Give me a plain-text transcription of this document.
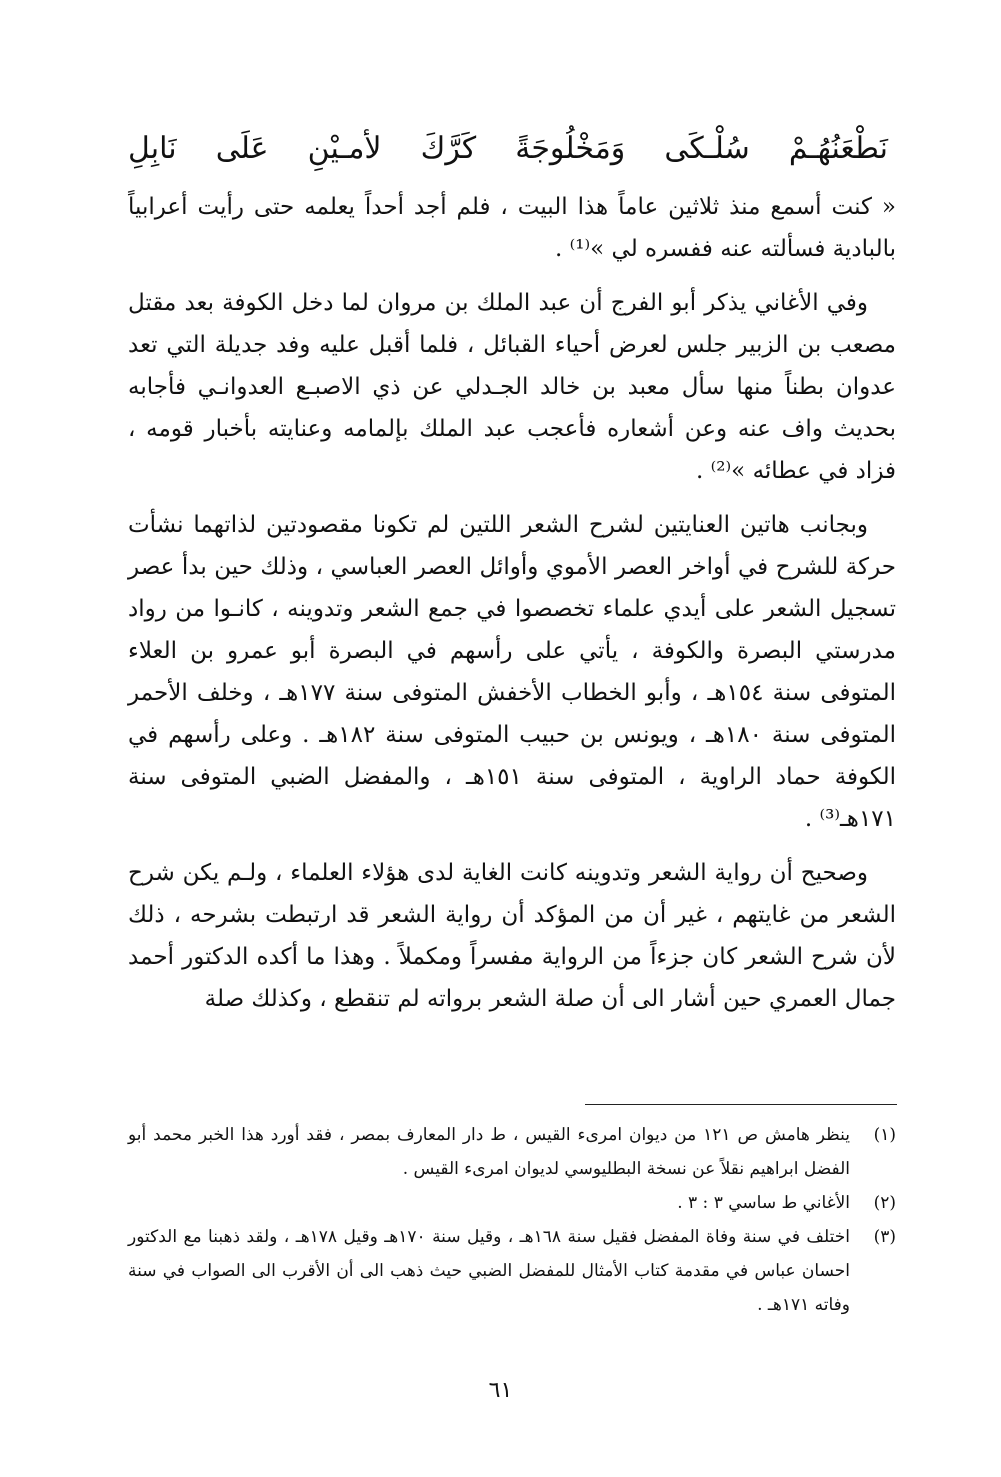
نَطْعَنُهُـمْ
سُلْـكَى
وَمَخْلُوجَةً
كَرَّكَ
لأمـيْنِ
عَلَى
نَابِلِ

« كنت أسمع منذ ثلاثين عاماً هذا البيت ، فلم أجد أحداً يعلمه حتى رأيت أعرابياً بالبادية فسألته عنه ففسره لي »⁽¹⁾ .

وفي الأغاني يذكر أبو الفرج أن عبد الملك بن مروان لما دخل الكوفة بعد مقتل مصعب بن الزبير جلس لعرض أحياء القبائل ، فلما أقبل عليه وفد جديلة التي تعد عدوان بطناً منها سأل معبد بن خالد الجـدلي عن ذي الاصبـع العدوانـي فأجابه بحديث واف عنه وعن أشعاره فأعجب عبد الملك بإلمامه وعنايته بأخبار قومه ، فزاد في عطائه »⁽²⁾ .

وبجانب هاتين العنايتين لشرح الشعر اللتين لم تكونا مقصودتين لذاتهما نشأت حركة للشرح في أواخر العصر الأموي وأوائل العصر العباسي ، وذلك حين بدأ عصر تسجيل الشعر على أيدي علماء تخصصوا في جمع الشعر وتدوينه ، كانـوا من رواد مدرستي البصرة والكوفة ، يأتي على رأسهم في البصرة أبو عمرو بن العلاء المتوفى سنة ١٥٤هـ ، وأبو الخطاب الأخفش المتوفى سنة ١٧٧هـ ، وخلف الأحمر المتوفى سنة ١٨٠هـ ، ويونس بن حبيب المتوفى سنة ١٨٢هـ . وعلى رأسهم في الكوفة حماد الراوية ، المتوفى سنة ١٥١هـ ، والمفضل الضبي المتوفى سنة ١٧١هـ⁽³⁾ .

وصحيح أن رواية الشعر وتدوينه كانت الغاية لدى هؤلاء العلماء ، ولـم يكن شرح الشعر من غايتهم ، غير أن من المؤكد أن رواية الشعر قد ارتبطت بشرحه ، ذلك لأن شرح الشعر كان جزءاً من الرواية مفسراً ومكملاً . وهذا ما أكده الدكتور أحمد جمال العمري حين أشار الى أن صلة الشعر برواته لم تنقطع ، وكذلك صلة

(١)
ينظر هامش ص ١٢١ من ديوان امرىء القيس ، ط دار المعارف بمصر ، فقد أورد هذا الخبر محمد أبو الفضل ابراهيم نقلاً عن نسخة البطليوسي لديوان امرىء القيس .
(٢)
الأغاني ط ساسي ٣ : ٣ .
(٣)
اختلف في سنة وفاة المفضل فقيل سنة ١٦٨هـ ، وقيل سنة ١٧٠هـ وقيل ١٧٨هـ ، ولقد ذهبنا مع الدكتور احسان عباس في مقدمة كتاب الأمثال للمفضل الضبي حيث ذهب الى أن الأقرب الى الصواب في سنة وفاته ١٧١هـ .
٦١
